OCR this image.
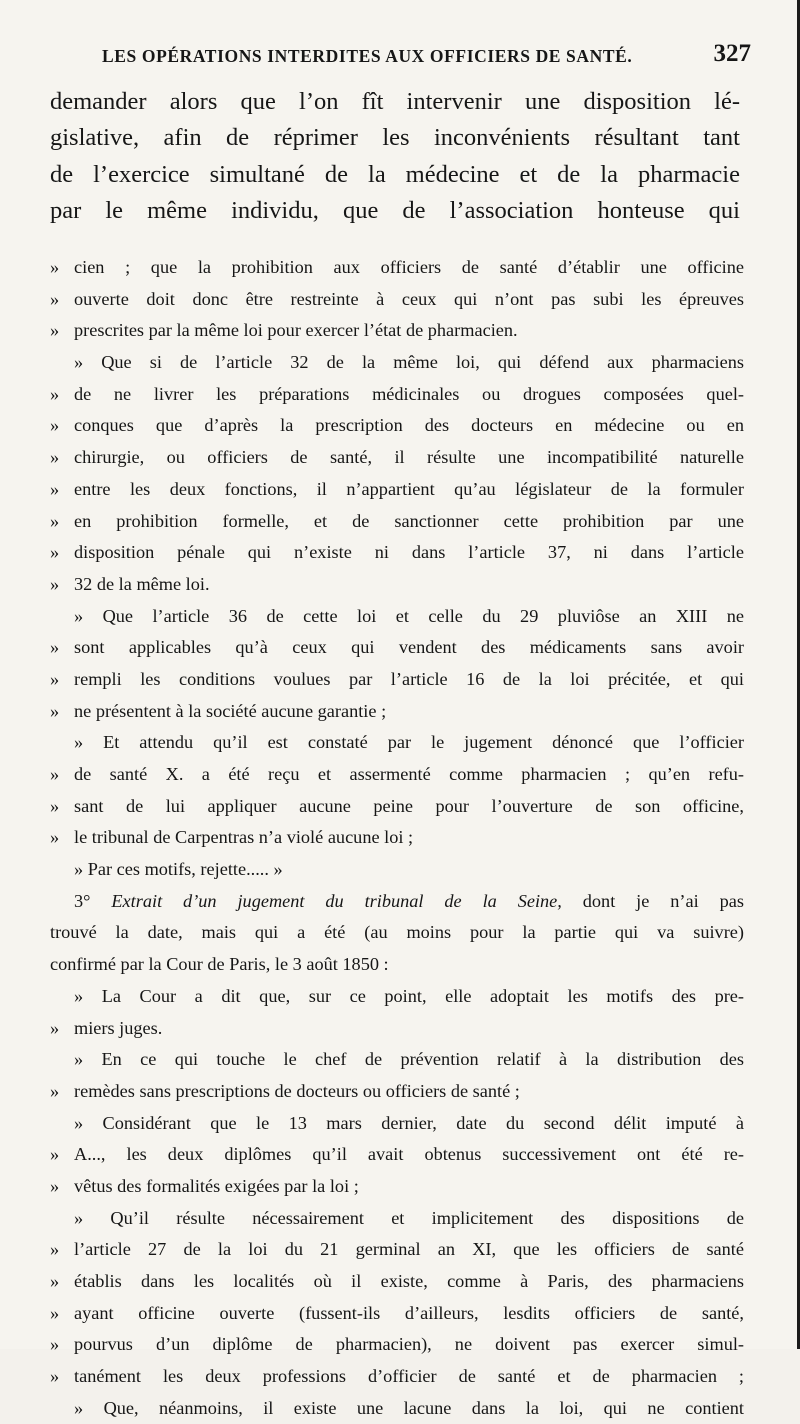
LES OPÉRATIONS INTERDITES AUX OFFICIERS DE SANTÉ.	327
demander alors que l’on fît intervenir une disposition lé-
gislative, afin de réprimer les inconvénients résultant tant
de l’exercice simultané de la médecine et de la pharmacie
par le même individu, que de l’association honteuse qui
» cien ; que la prohibition aux officiers de santé d’établir une officine
» ouverte doit donc être restreinte à ceux qui n’ont pas subi les épreuves
» prescrites par la même loi pour exercer l’état de pharmacien.
» Que si de l’article 32 de la même loi, qui défend aux pharmaciens
» de ne livrer les préparations médicinales ou drogues composées quel-
» conques que d’après la prescription des docteurs en médecine ou en
» chirurgie, ou officiers de santé, il résulte une incompatibilité naturelle
» entre les deux fonctions, il n’appartient qu’au législateur de la formuler
» en prohibition formelle, et de sanctionner cette prohibition par une
» disposition pénale qui n’existe ni dans l’article 37, ni dans l’article
» 32 de la même loi.
» Que l’article 36 de cette loi et celle du 29 pluviôse an XIII ne
» sont applicables qu’à ceux qui vendent des médicaments sans avoir
» rempli les conditions voulues par l’article 16 de la loi précitée, et qui
» ne présentent à la société aucune garantie ;
» Et attendu qu’il est constaté par le jugement dénoncé que l’officier
» de santé X. a été reçu et assermenté comme pharmacien ; qu’en refu-
» sant de lui appliquer aucune peine pour l’ouverture de son officine,
» le tribunal de Carpentras n’a violé aucune loi ;
» Par ces motifs, rejette..... »
3° Extrait d’un jugement du tribunal de la Seine, dont je n’ai pas
trouvé la date, mais qui a été (au moins pour la partie qui va suivre)
confirmé par la Cour de Paris, le 3 août 1850 :
» La Cour a dit que, sur ce point, elle adoptait les motifs des pre-
» miers juges.
» En ce qui touche le chef de prévention relatif à la distribution des
» remèdes sans prescriptions de docteurs ou officiers de santé ;
» Considérant que le 13 mars dernier, date du second délit imputé à
» A..., les deux diplômes qu’il avait obtenus successivement ont été re-
» vêtus des formalités exigées par la loi ;
» Qu’il résulte nécessairement et implicitement des dispositions de
» l’article 27 de la loi du 21 germinal an XI, que les officiers de santé
» établis dans les localités où il existe, comme à Paris, des pharmaciens
» ayant officine ouverte (fussent-ils d’ailleurs, lesdits officiers de santé,
» pourvus d’un diplôme de pharmacien), ne doivent pas exercer simul-
» tanément les deux professions d’officier de santé et de pharmacien ;
» Que, néanmoins, il existe une lacune dans la loi, qui ne contient
